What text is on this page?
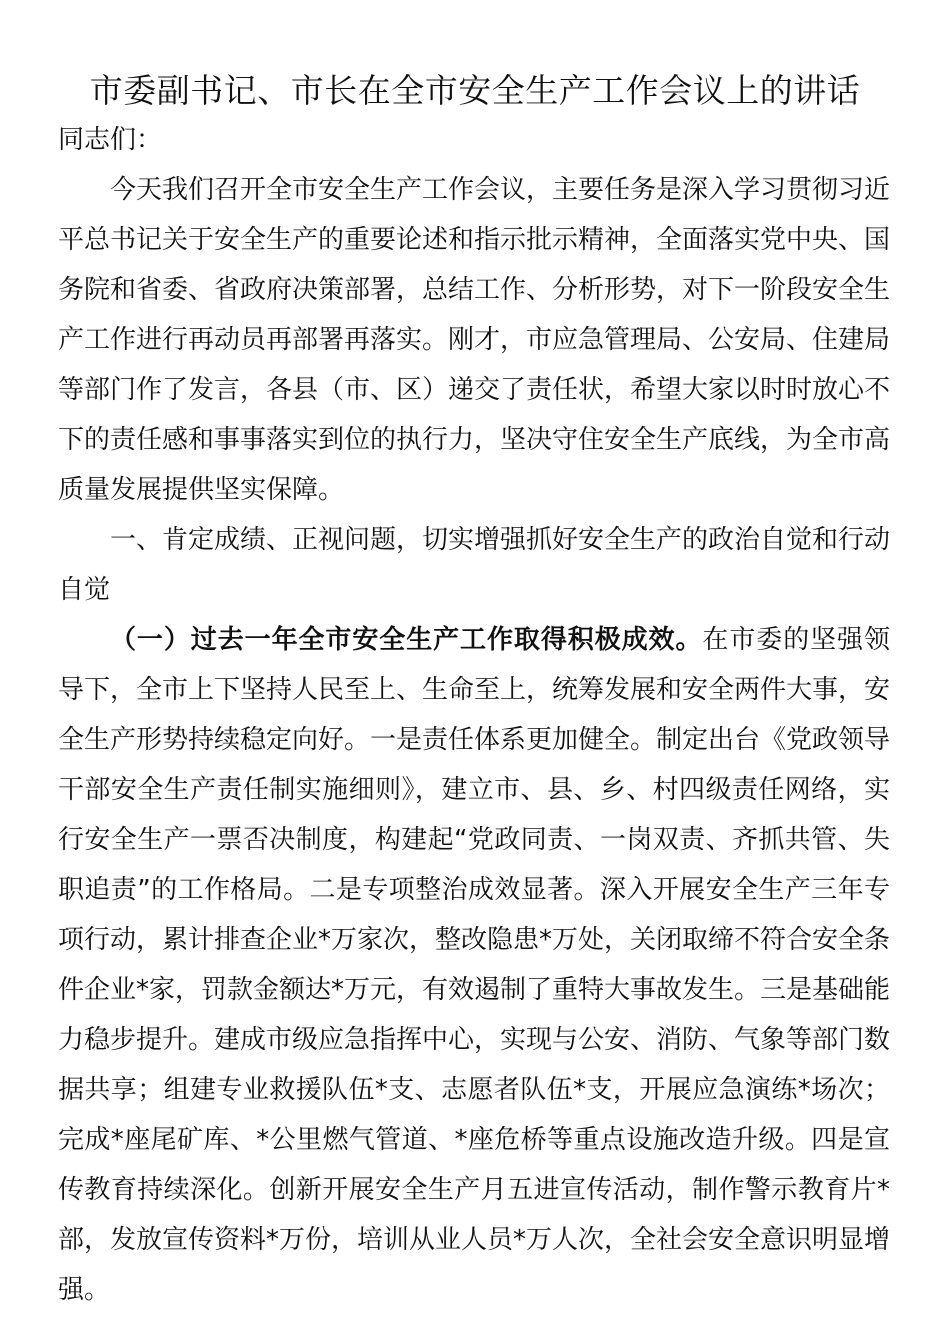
市委副书记、市长在全市安全生产工作会议上的讲话

同志们：

今天我们召开全市安全生产工作会议，主要任务是深入学习贯彻习近平总书记关于安全生产的重要论述和指示批示精神，全面落实党中央、国务院和省委、省政府决策部署，总结工作、分析形势，对下一阶段安全生产工作进行再动员再部署再落实。刚才，市应急管理局、公安局、住建局等部门作了发言，各县（市、区）递交了责任状，希望大家以时时放心不下的责任感和事事落实到位的执行力，坚决守住安全生产底线，为全市高质量发展提供坚实保障。

一、肯定成绩、正视问题，切实增强抓好安全生产的政治自觉和行动自觉

（一）过去一年全市安全生产工作取得积极成效。在市委的坚强领导下，全市上下坚持人民至上、生命至上，统筹发展和安全两件大事，安全生产形势持续稳定向好。一是责任体系更加健全。制定出台《党政领导干部安全生产责任制实施细则》，建立市、县、乡、村四级责任网络，实行安全生产一票否决制度，构建起“党政同责、一岗双责、齐抓共管、失职追责”的工作格局。二是专项整治成效显著。深入开展安全生产三年专项行动，累计排查企业*万家次，整改隐患*万处，关闭取缔不符合安全条件企业*家，罚款金额达*万元，有效遏制了重特大事故发生。三是基础能力稳步提升。建成市级应急指挥中心，实现与公安、消防、气象等部门数据共享；组建专业救援队伍*支、志愿者队伍*支，开展应急演练*场次；完成*座尾矿库、*公里燃气管道、*座危桥等重点设施改造升级。四是宣传教育持续深化。创新开展安全生产月五进宣传活动，制作警示教育片*部，发放宣传资料*万份，培训从业人员*万人次，全社会安全意识明显增强。
